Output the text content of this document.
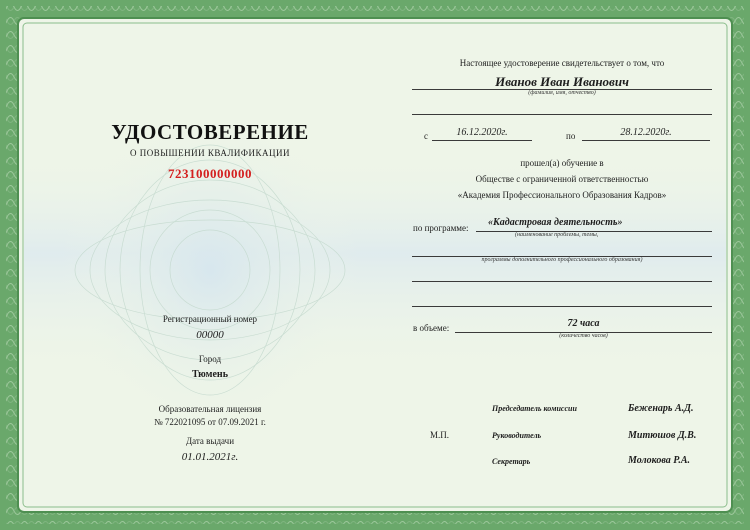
УДОСТОВЕРЕНИЕ
О ПОВЫШЕНИИ КВАЛИФИКАЦИИ
723100000000
Регистрационный номер
00000
Город
Тюмень
Образовательная лицензия
№ 722021095 от 07.09.2021 г.
Дата выдачи
01.01.2021г.
Настоящее удостоверение свидетельствует о том, что
Иванов Иван Иванович
(фамилия, имя, отчество)
с	16.12.2020г.	по	28.12.2020г.
прошел(а) обучение в
Обществе с ограниченной ответственностью
«Академия Профессионального Образования Кадров»
по программе: «Кадастровая деятельность»
(наименование проблемы, темы,
программы дополнительного профессионального образования)
в объеме:	72 часа
(количество часов)
М.П.
Председатель комиссии	Беженарь А.Д.
Руководитель	Митюшов Д.В.
Секретарь	Молокова Р.А.
